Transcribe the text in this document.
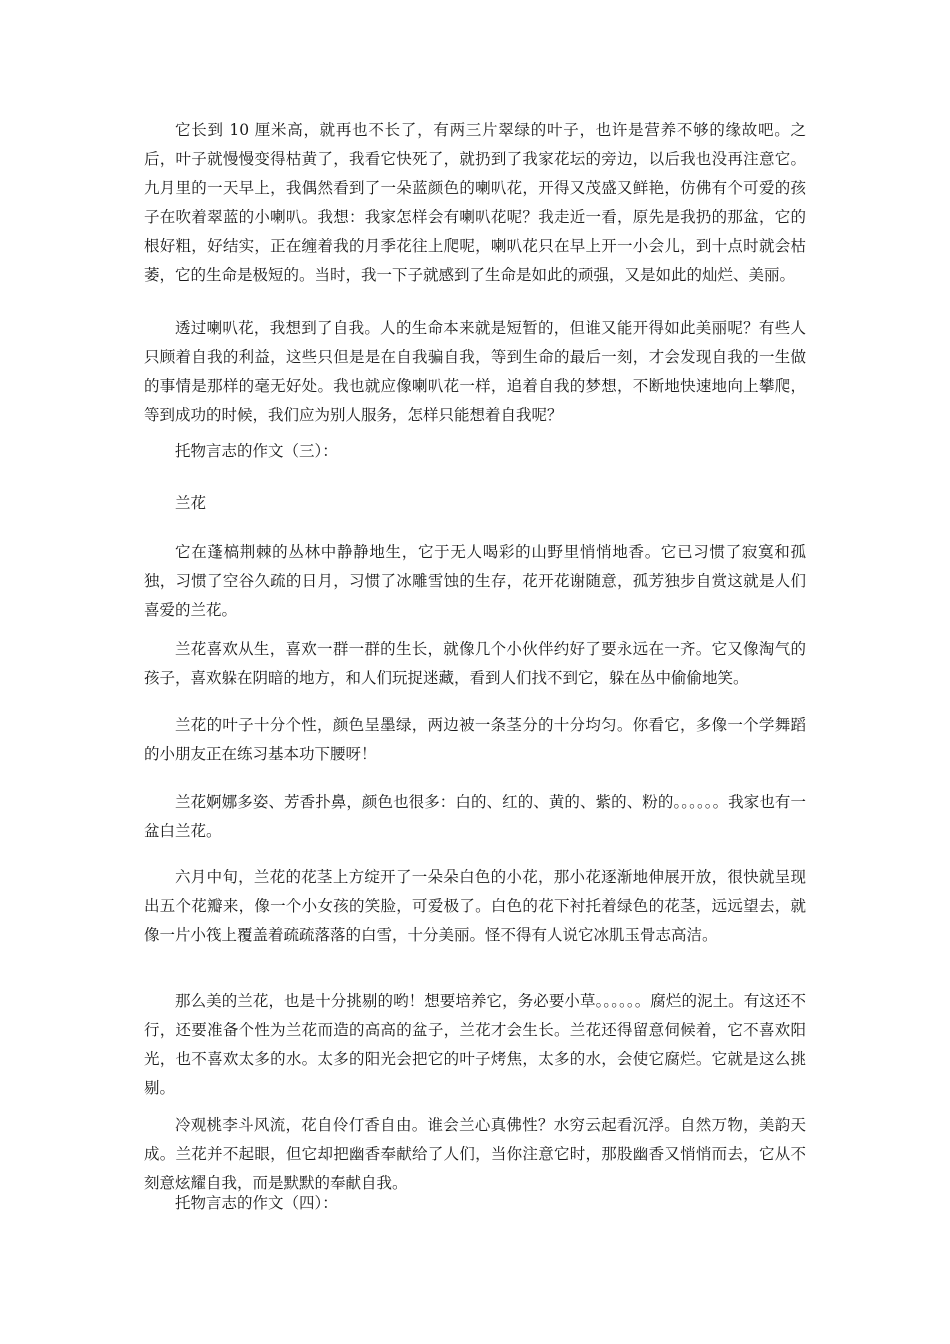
它长到 10 厘米高，就再也不长了，有两三片翠绿的叶子，也许是营养不够的缘故吧。之后，叶子就慢慢变得枯黄了，我看它快死了，就扔到了我家花坛的旁边，以后我也没再注意它。九月里的一天早上，我偶然看到了一朵蓝颜色的喇叭花，开得又茂盛又鲜艳，仿佛有个可爱的孩子在吹着翠蓝的小喇叭。我想：我家怎样会有喇叭花呢？我走近一看，原先是我扔的那盆，它的根好粗，好结实，正在缠着我的月季花往上爬呢，喇叭花只在早上开一小会儿，到十点时就会枯萎，它的生命是极短的。当时，我一下子就感到了生命是如此的顽强，又是如此的灿烂、美丽。

透过喇叭花，我想到了自我。人的生命本来就是短暂的，但谁又能开得如此美丽呢？有些人只顾着自我的利益，这些只但是是在自我骗自我，等到生命的最后一刻，才会发现自我的一生做的事情是那样的毫无好处。我也就应像喇叭花一样，追着自我的梦想，不断地快速地向上攀爬，等到成功的时候，我们应为别人服务，怎样只能想着自我呢？

托物言志的作文（三）：

兰花

它在蓬槁荆棘的丛林中静静地生，它于无人喝彩的山野里悄悄地香。它已习惯了寂寞和孤独，习惯了空谷久疏的日月，习惯了冰雕雪蚀的生存，花开花谢随意，孤芳独步自赏这就是人们喜爱的兰花。

兰花喜欢从生，喜欢一群一群的生长，就像几个小伙伴约好了要永远在一齐。它又像淘气的孩子，喜欢躲在阴暗的地方，和人们玩捉迷藏，看到人们找不到它，躲在丛中偷偷地笑。

兰花的叶子十分个性，颜色呈墨绿，两边被一条茎分的十分均匀。你看它，多像一个学舞蹈的小朋友正在练习基本功下腰呀！

兰花婀娜多姿、芳香扑鼻，颜色也很多：白的、红的、黄的、紫的、粉的。。。。。。我家也有一盆白兰花。

六月中旬，兰花的花茎上方绽开了一朵朵白色的小花，那小花逐渐地伸展开放，很快就呈现出五个花瓣来，像一个小女孩的笑脸，可爱极了。白色的花下衬托着绿色的花茎，远远望去，就像一片小筏上覆盖着疏疏落落的白雪，十分美丽。怪不得有人说它冰肌玉骨志高洁。

那么美的兰花，也是十分挑剔的哟！想要培养它，务必要小草。。。。。。腐烂的泥土。有这还不行，还要准备个性为兰花而造的高高的盆子，兰花才会生长。兰花还得留意伺候着，它不喜欢阳光，也不喜欢太多的水。太多的阳光会把它的叶子烤焦，太多的水，会使它腐烂。它就是这么挑剔。

冷观桃李斗风流，花自伶仃香自由。谁会兰心真佛性？水穷云起看沉浮。自然万物，美韵天成。兰花并不起眼，但它却把幽香奉献给了人们，当你注意它时，那股幽香又悄悄而去，它从不刻意炫耀自我，而是默默的奉献自我。

托物言志的作文（四）：
